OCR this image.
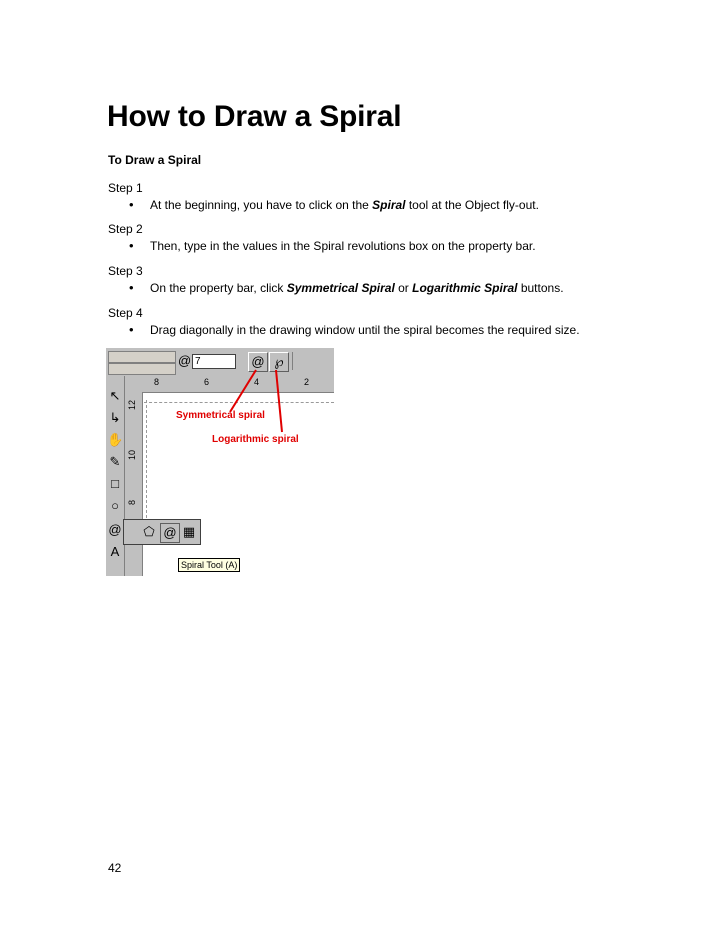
How to Draw a Spiral
To Draw a Spiral
Step 1
• At the beginning, you have to click on the Spiral tool at the Object fly-out.
Step 2
• Then, type in the values in the Spiral revolutions box on the property bar.
Step 3
• On the property bar, click Symmetrical Spiral or Logarithmic Spiral buttons.
Step 4
• Drag diagonally in the drawing window until the spiral becomes the required size.
@ 7	@ ℘
8	6	4	2
12
10
8
↖
↳
✋
✎
□
○
@
A
⬠ @ ▦
Spiral Tool (A)
Symmetrical spiral
Logarithmic spiral
42
